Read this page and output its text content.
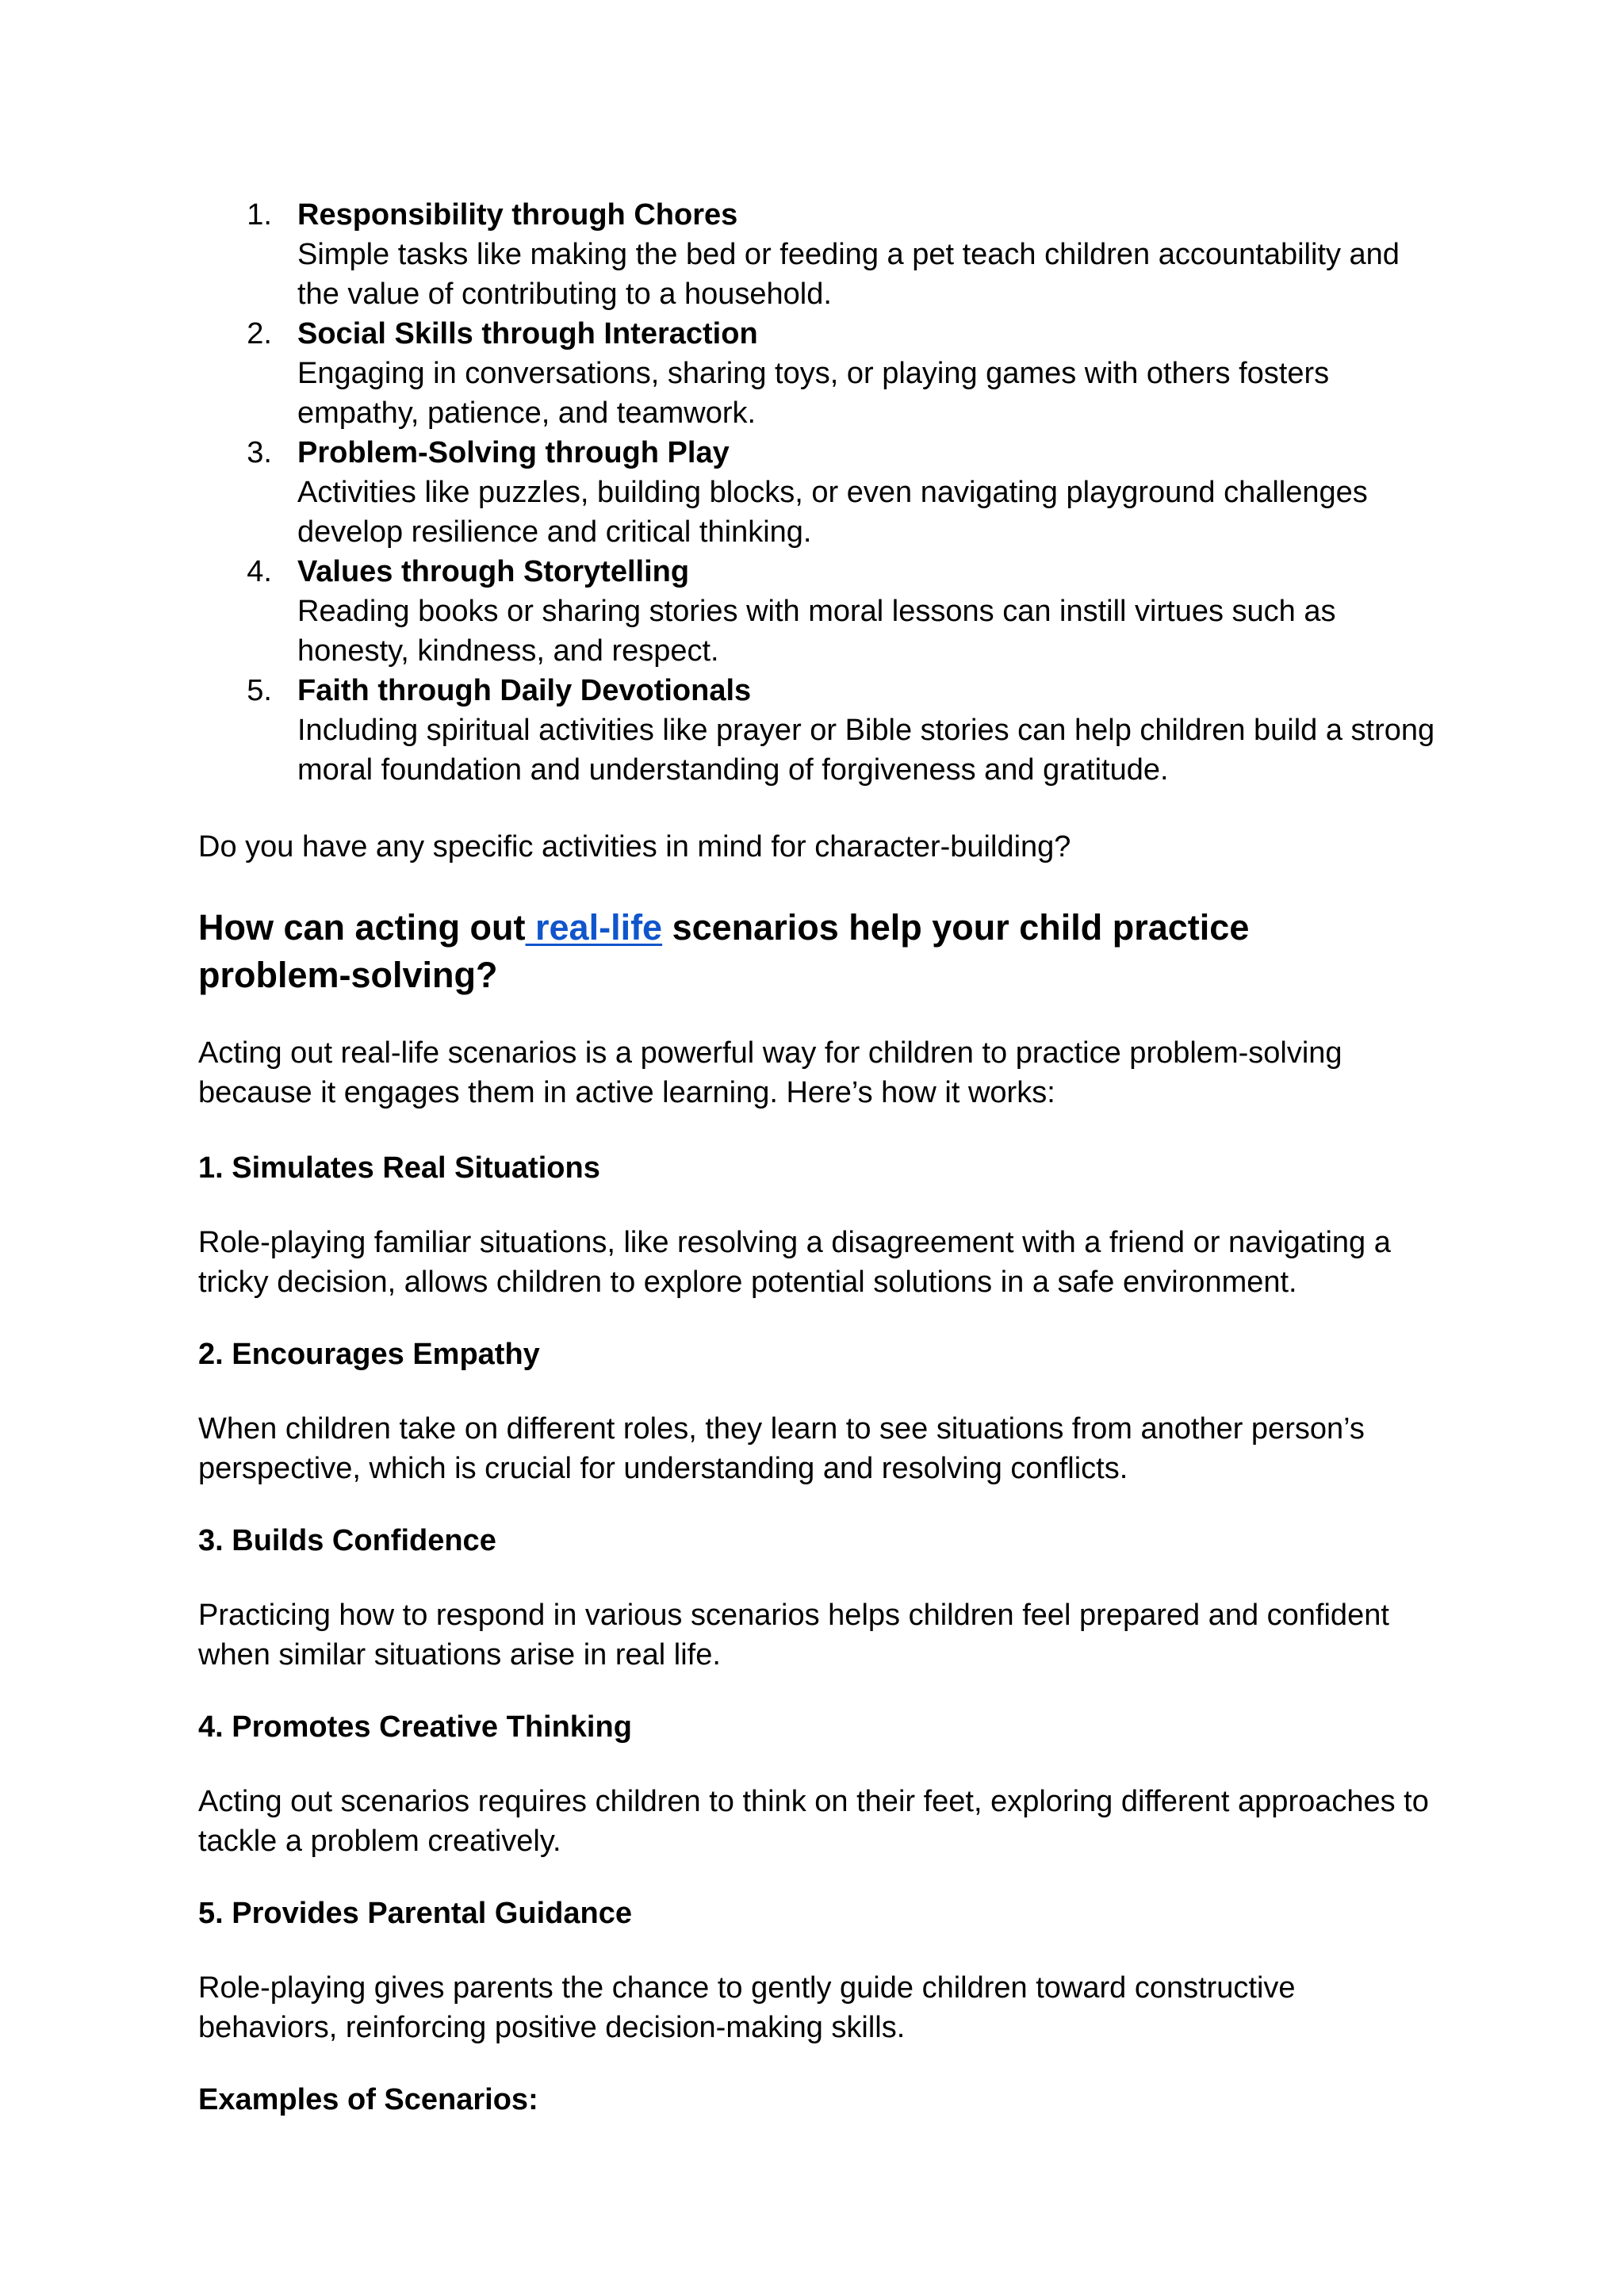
1. Responsibility through Chores
Simple tasks like making the bed or feeding a pet teach children accountability and
the value of contributing to a household.
2. Social Skills through Interaction
Engaging in conversations, sharing toys, or playing games with others fosters
empathy, patience, and teamwork.
3. Problem-Solving through Play
Activities like puzzles, building blocks, or even navigating playground challenges
develop resilience and critical thinking.
4. Values through Storytelling
Reading books or sharing stories with moral lessons can instill virtues such as
honesty, kindness, and respect.
5. Faith through Daily Devotionals
Including spiritual activities like prayer or Bible stories can help children build a strong
moral foundation and understanding of forgiveness and gratitude.
Do you have any specific activities in mind for character-building?
How can acting out real-life scenarios help your child practice
problem-solving?
Acting out real-life scenarios is a powerful way for children to practice problem-solving
because it engages them in active learning. Here’s how it works:
1. Simulates Real Situations
Role-playing familiar situations, like resolving a disagreement with a friend or navigating a
tricky decision, allows children to explore potential solutions in a safe environment.
2. Encourages Empathy
When children take on different roles, they learn to see situations from another person’s
perspective, which is crucial for understanding and resolving conflicts.
3. Builds Confidence
Practicing how to respond in various scenarios helps children feel prepared and confident
when similar situations arise in real life.
4. Promotes Creative Thinking
Acting out scenarios requires children to think on their feet, exploring different approaches to
tackle a problem creatively.
5. Provides Parental Guidance
Role-playing gives parents the chance to gently guide children toward constructive
behaviors, reinforcing positive decision-making skills.
Examples of Scenarios:
